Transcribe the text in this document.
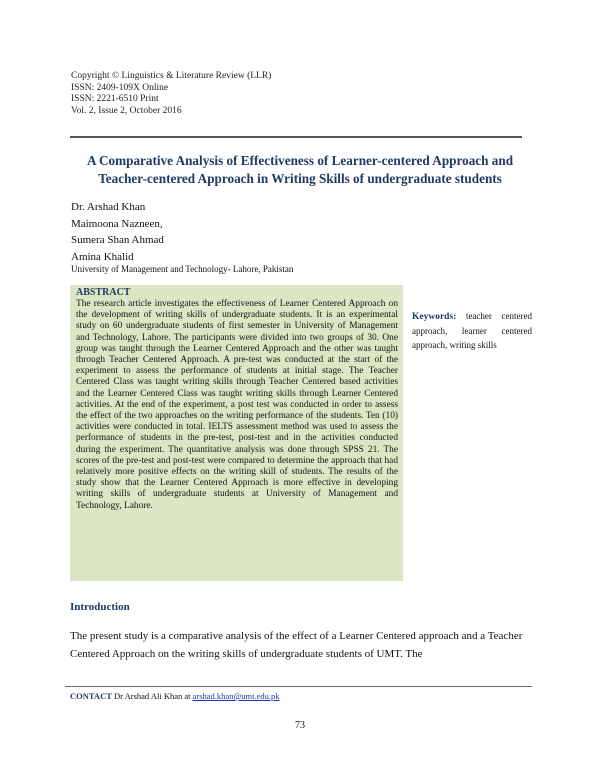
Copyright © Linguistics & Literature Review (LLR)
ISSN: 2409-109X Online
ISSN: 2221-6510 Print
Vol. 2, Issue 2, October 2016
A Comparative Analysis of Effectiveness of Learner-centered Approach and
Teacher-centered Approach in Writing Skills of undergraduate students
Dr. Arshad Khan
Maimoona Nazneen,
Sumera Shan Ahmad
Amina Khalid
University of Management and Technology- Lahore, Pakistan
ABSTRACT
The research article investigates the effectiveness of Learner Centered Approach on the development of writing skills of undergraduate students. It is an experimental study on 60 undergraduate students of first semester in University of Management and Technology, Lahore. The participants were divided into two groups of 30. One group was taught through the Learner Centered Approach and the other was taught through Teacher Centered Approach. A pre-test was conducted at the start of the experiment to assess the performance of students at initial stage. The Teacher Centered Class was taught writing skills through Teacher Centered based activities and the Learner Centered Class was taught writing skills through Learner Centered activities. At the end of the experiment, a post test was conducted in order to assess the effect of the two approaches on the writing performance of the students. Ten (10) activities were conducted in total. IELTS assessment method was used to assess the performance of students in the pre-test, post-test and in the activities conducted during the experiment. The quantitative analysis was done through SPSS 21. The scores of the pre-test and post-test were compared to determine the approach that had relatively more positive effects on the writing skill of students. The results of the study show that the Learner Centered Approach is more effective in developing writing skills of undergraduate students at University of Management and Technology, Lahore.
Keywords: teacher centered approach, learner centered approach, writing skills
Introduction
The present study is a comparative analysis of the effect of a Learner Centered approach and a Teacher Centered Approach on the writing skills of undergraduate students of UMT. The
CONTACT Dr Arshad Ali Khan at arshad.khan@umt.edu.pk
73
